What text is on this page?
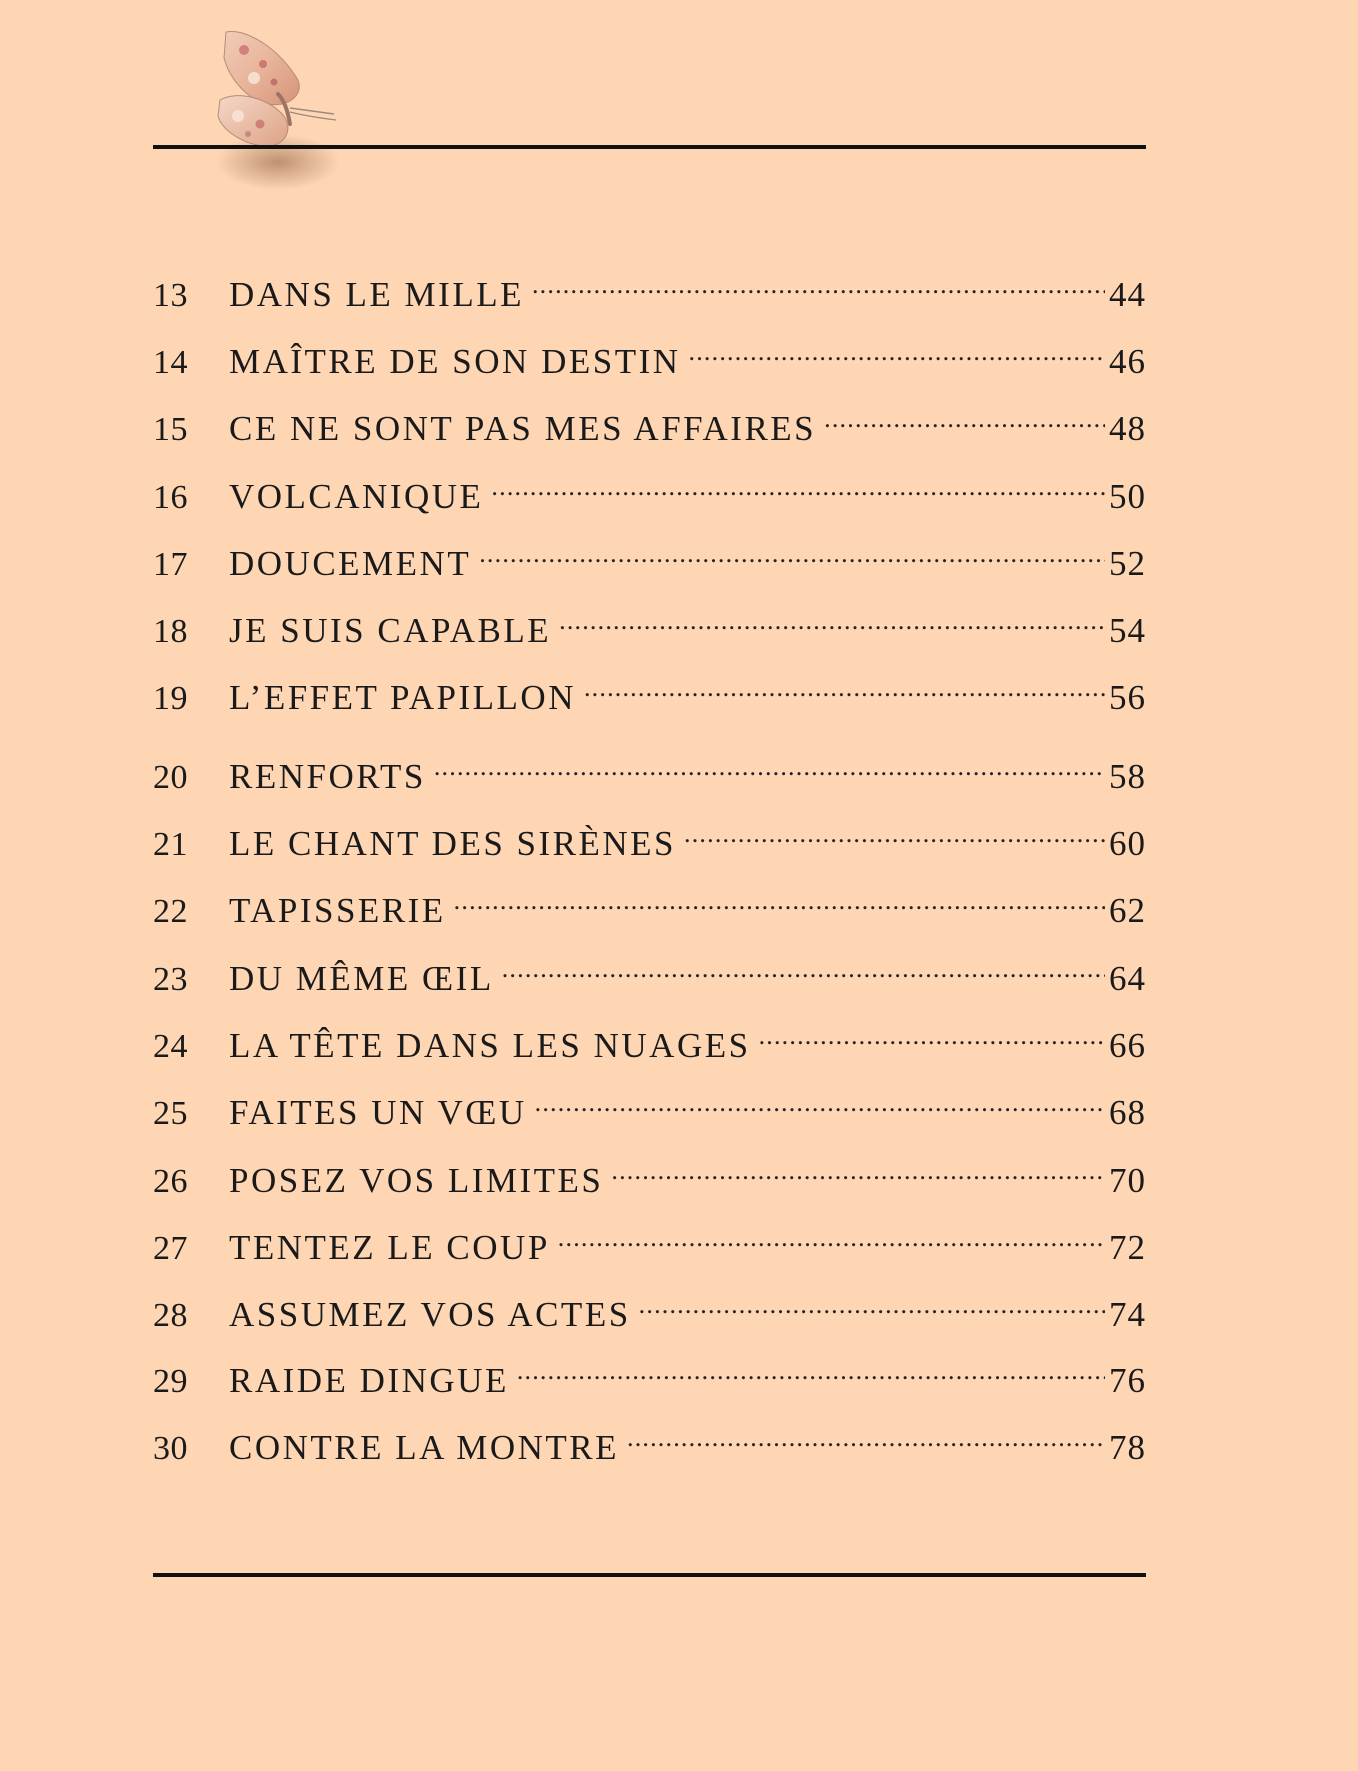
13	DANS LE MILLE .....	44
14	MAÎTRE DE SON DESTIN .....	46
15	CE NE SONT PAS MES AFFAIRES .....	48
16	VOLCANIQUE .....	50
17	DOUCEMENT .....	52
18	JE SUIS CAPABLE .....	54
19	L’EFFET PAPILLON .....	56
20	RENFORTS .....	58
21	LE CHANT DES SIRÈNES .....	60
22	TAPISSERIE .....	62
23	DU MÊME ŒIL .....	64
24	LA TÊTE DANS LES NUAGES .....	66
25	FAITES UN VŒU .....	68
26	POSEZ VOS LIMITES .....	70
27	TENTEZ LE COUP .....	72
28	ASSUMEZ VOS ACTES .....	74
29	RAIDE DINGUE .....	76
30	CONTRE LA MONTRE .....	78
